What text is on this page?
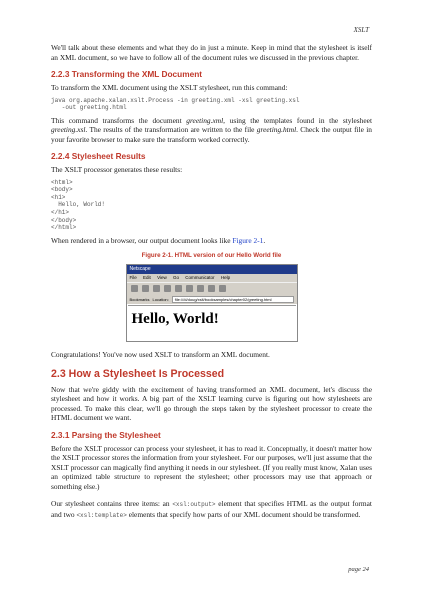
XSLT

We'll talk about these elements and what they do in just a minute. Keep in mind that the stylesheet is itself an XML document, so we have to follow all of the document rules we discussed in the previous chapter.

2.2.3 Transforming the XML Document

To transform the XML document using the XSLT stylesheet, run this command:

java org.apache.xalan.xslt.Process -in greeting.xml -xsl greeting.xsl
-out greeting.html

This command transforms the document greeting.xml, using the templates found in the stylesheet greeting.xsl. The results of the transformation are written to the file greeting.html. Check the output file in your favorite browser to make sure the transform worked correctly.

2.2.4 Stylesheet Results

The XSLT processor generates these results:

<html>
<body>
<h1>
Hello, World!
</h1>
</body>
</html>

When rendered in a browser, our output document looks like Figure 2-1.

Figure 2-1. HTML version of our Hello World file
Netscape
File Edit View Go Communicator Help
Bookmarks Location:	file:///d/doug/xslt/booksamples/chapter02/greeting.html
Hello, World!

Congratulations! You've now used XSLT to transform an XML document.

2.3 How a Stylesheet Is Processed

Now that we're giddy with the excitement of having transformed an XML document, let's discuss the stylesheet and how it works. A big part of the XSLT learning curve is figuring out how stylesheets are processed. To make this clear, we'll go through the steps taken by the stylesheet processor to create the HTML document we want.

2.3.1 Parsing the Stylesheet

Before the XSLT processor can process your stylesheet, it has to read it. Conceptually, it doesn't matter how the XSLT processor stores the information from your stylesheet. For our purposes, we'll just assume that the XSLT processor can magically find anything it needs in our stylesheet. (If you really must know, Xalan uses an optimized table structure to represent the stylesheet; other processors may use that approach or something else.)

Our stylesheet contains three items: an <xsl:output> element that specifies HTML as the output format and two <xsl:template> elements that specify how parts of our XML document should be transformed.

page 24
